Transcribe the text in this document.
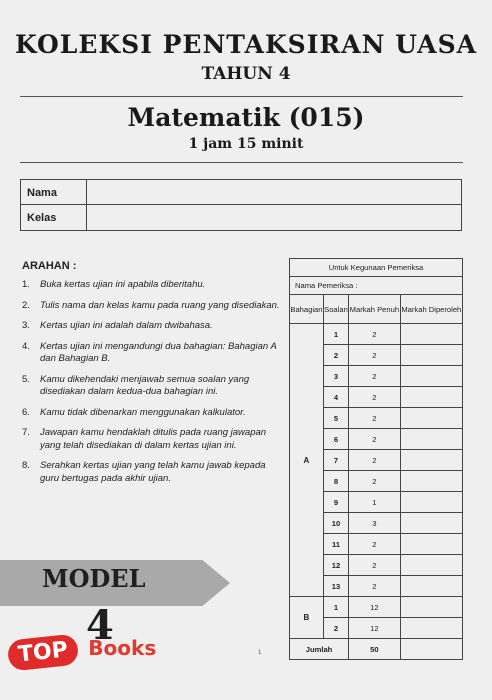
KOLEKSI PENTAKSIRAN UASA
TAHUN 4
Matematik (015)
1 jam 15 minit
Nama
Kelas
ARAHAN :
1. Buka kertas ujian ini apabila diberitahu.
2. Tulis nama dan kelas kamu pada ruang yang disediakan.
3. Kertas ujian ini adalah dalam dwibahasa.
4. Kertas ujian ini mengandungi dua bahagian: Bahagian A dan Bahagian B.
5. Kamu dikehendaki menjawab semua soalan yang disediakan dalam kedua-dua bahagian ini.
6. Kamu tidak dibenarkan menggunakan kalkulator.
7. Jawapan kamu hendaklah ditulis pada ruang jawapan yang telah disediakan di dalam kertas ujian ini.
8. Serahkan kertas ujian yang telah kamu jawab kepada guru bertugas pada akhir ujian.
Untuk Kegunaan Pemeriksa			
Nama Pemeriksa :			
Bahagian	Soalan	Markah Penuh	Markah Diperoleh
A	1	2	
	2	2	
	3	2	
	4	2	
	5	2	
	6	2	
	7	2	
	8	2	
	9	1	
	10	3	
	11	2	
	12	2	
	13	2	
B	1	12	
	2	12	
Jumlah		50	
MODEL
4
TOP Books	1
